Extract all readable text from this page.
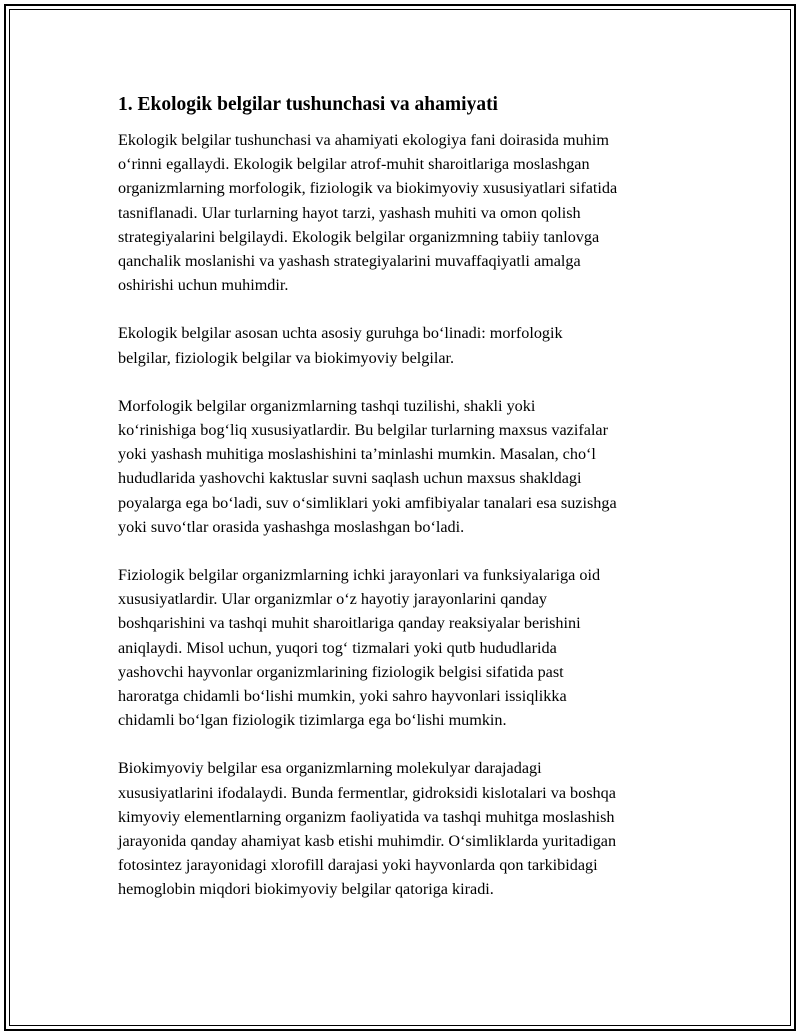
1. Ekologik belgilar tushunchasi va ahamiyati

Ekologik belgilar tushunchasi va ahamiyati ekologiya fani doirasida muhim
oʻrinni egallaydi. Ekologik belgilar atrof-muhit sharoitlariga moslashgan
organizmlarning morfologik, fiziologik va biokimyoviy xususiyatlari sifatida
tasniflanadi. Ular turlarning hayot tarzi, yashash muhiti va omon qolish
strategiyalarini belgilaydi. Ekologik belgilar organizmning tabiiy tanlovga
qanchalik moslanishi va yashash strategiyalarini muvaffaqiyatli amalga
oshirishi uchun muhimdir.

Ekologik belgilar asosan uchta asosiy guruhga boʻlinadi: morfologik
belgilar, fiziologik belgilar va biokimyoviy belgilar.

Morfologik belgilar organizmlarning tashqi tuzilishi, shakli yoki
koʻrinishiga bogʻliq xususiyatlardir. Bu belgilar turlarning maxsus vazifalar
yoki yashash muhitiga moslashishini taʼminlashi mumkin. Masalan, choʻl
hududlarida yashovchi kaktuslar suvni saqlash uchun maxsus shakldagi
poyalarga ega boʻladi, suv oʻsimliklari yoki amfibiyalar tanalari esa suzishga
yoki suvoʻtlar orasida yashashga moslashgan boʻladi.

Fiziologik belgilar organizmlarning ichki jarayonlari va funksiyalariga oid
xususiyatlardir. Ular organizmlar oʻz hayotiy jarayonlarini qanday
boshqarishini va tashqi muhit sharoitlariga qanday reaksiyalar berishini
aniqlaydi. Misol uchun, yuqori togʻ tizmalari yoki qutb hududlarida
yashovchi hayvonlar organizmlarining fiziologik belgisi sifatida past
haroratga chidamli boʻlishi mumkin, yoki sahro hayvonlari issiqlikka
chidamli boʻlgan fiziologik tizimlarga ega boʻlishi mumkin.

Biokimyoviy belgilar esa organizmlarning molekulyar darajadagi
xususiyatlarini ifodalaydi. Bunda fermentlar, gidroksidi kislotalari va boshqa
kimyoviy elementlarning organizm faoliyatida va tashqi muhitga moslashish
jarayonida qanday ahamiyat kasb etishi muhimdir. Oʻsimliklarda yuritadigan
fotosintez jarayonidagi xlorofill darajasi yoki hayvonlarda qon tarkibidagi
hemoglobin miqdori biokimyoviy belgilar qatoriga kiradi.
